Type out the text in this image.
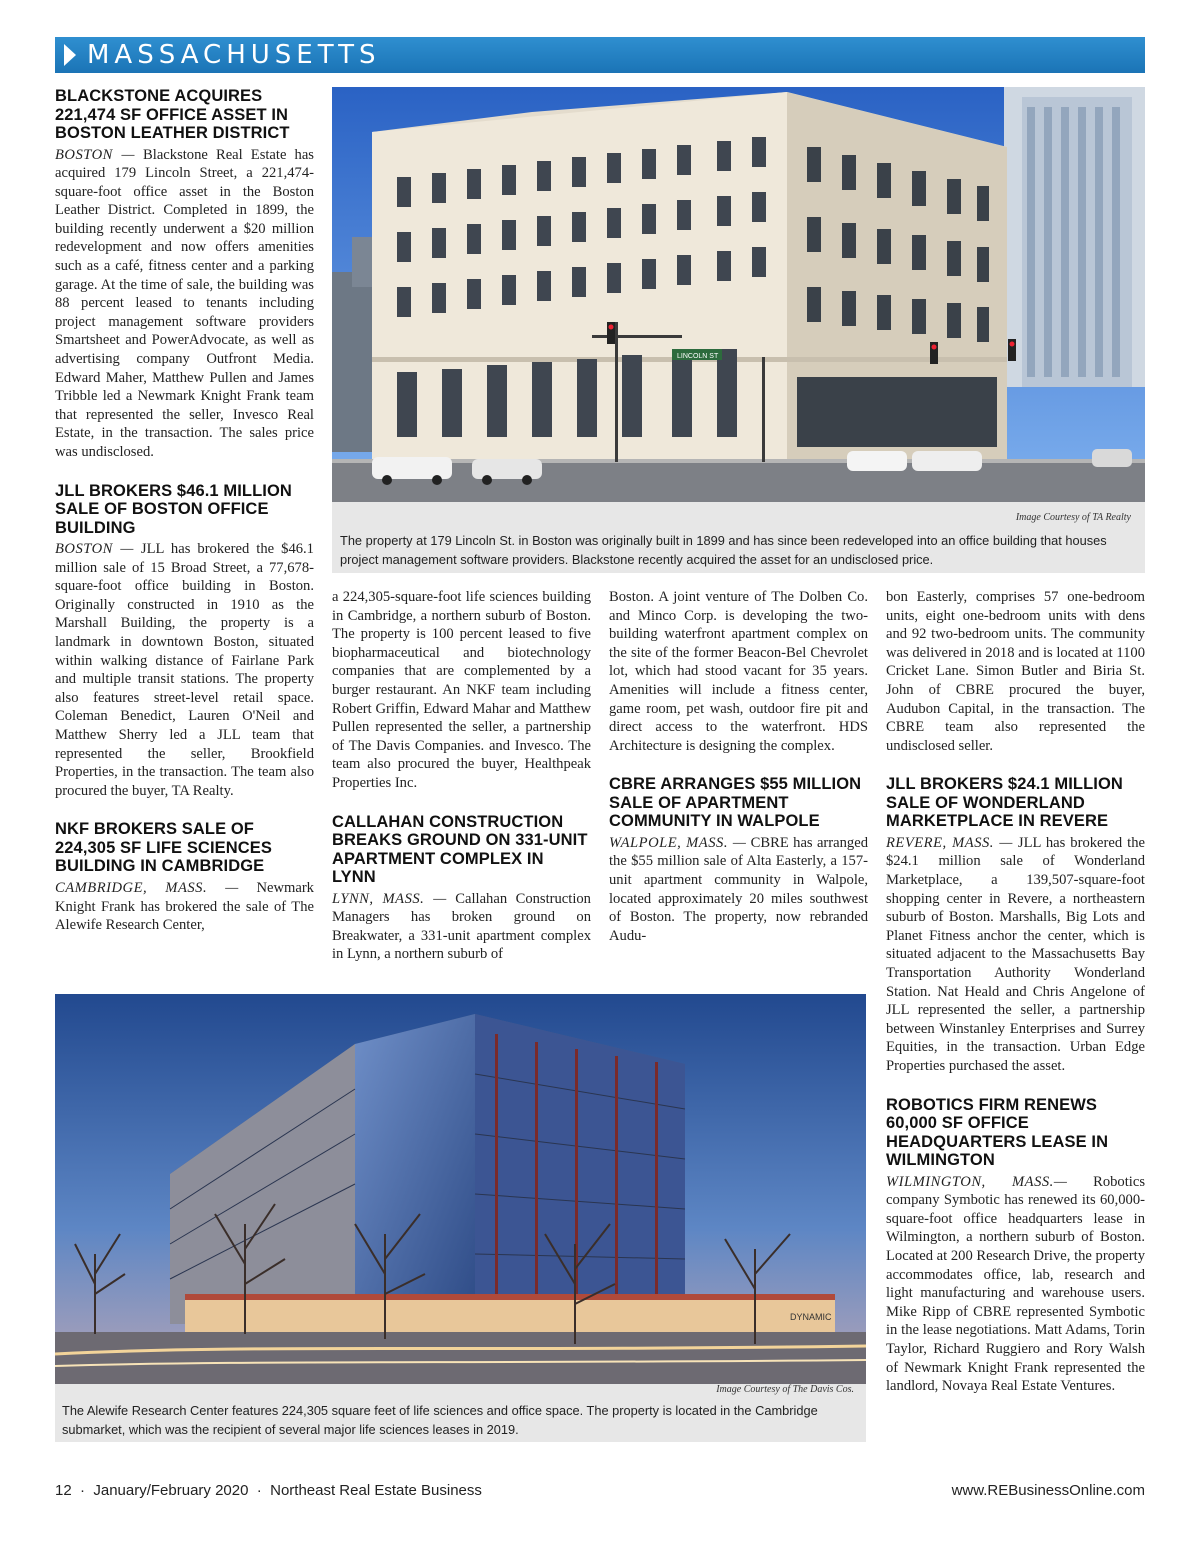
MASSACHUSETTS
BLACKSTONE ACQUIRES 221,474 SF OFFICE ASSET IN BOSTON LEATHER DISTRICT

BOSTON — Blackstone Real Estate has acquired 179 Lincoln Street, a 221,474-square-foot office asset in the Boston Leather District. Completed in 1899, the building recently underwent a $20 million redevelopment and now offers amenities such as a café, fitness center and a parking garage. At the time of sale, the building was 88 percent leased to tenants including project management software providers Smartsheet and PowerAdvocate, as well as advertising company Outfront Media. Edward Maher, Matthew Pullen and James Tribble led a Newmark Knight Frank team that represented the seller, Invesco Real Estate, in the transaction. The sales price was undisclosed.

JLL BROKERS $46.1 MILLION SALE OF BOSTON OFFICE BUILDING

BOSTON — JLL has brokered the $46.1 million sale of 15 Broad Street, a 77,678-square-foot office building in Boston. Originally constructed in 1910 as the Marshall Building, the property is a landmark in downtown Boston, situated within walking distance of Fairlane Park and multiple transit stations. The property also features street-level retail space. Coleman Benedict, Lauren O'Neil and Matthew Sherry led a JLL team that represented the seller, Brookfield Properties, in the transaction. The team also procured the buyer, TA Realty.

NKF BROKERS SALE OF 224,305 SF LIFE SCIENCES BUILDING IN CAMBRIDGE

CAMBRIDGE, MASS. — Newmark Knight Frank has brokered the sale of The Alewife Research Center,

LINCOLN ST
Image Courtesy of TA Realty
The property at 179 Lincoln St. in Boston was originally built in 1899 and has since been redeveloped into an office building that houses project management software providers. Blackstone recently acquired the asset for an undisclosed price.

a 224,305-square-foot life sciences building in Cambridge, a northern suburb of Boston. The property is 100 percent leased to five biopharmaceutical and biotechnology companies that are complemented by a burger restaurant. An NKF team including Robert Griffin, Edward Mahar and Matthew Pullen represented the seller, a partnership of The Davis Companies. and Invesco. The team also procured the buyer, Healthpeak Properties Inc.

CALLAHAN CONSTRUCTION BREAKS GROUND ON 331-UNIT APARTMENT COMPLEX IN LYNN

LYNN, MASS. — Callahan Construction Managers has broken ground on Breakwater, a 331-unit apartment complex in Lynn, a northern suburb of

Boston. A joint venture of The Dolben Co. and Minco Corp. is developing the two-building waterfront apartment complex on the site of the former Beacon-Bel Chevrolet lot, which had stood vacant for 35 years. Amenities will include a fitness center, game room, pet wash, outdoor fire pit and direct access to the waterfront. HDS Architecture is designing the complex.

CBRE ARRANGES $55 MILLION SALE OF APARTMENT COMMUNITY IN WALPOLE

WALPOLE, MASS. — CBRE has arranged the $55 million sale of Alta Easterly, a 157-unit apartment community in Walpole, located approximately 20 miles southwest of Boston. The property, now rebranded Audu-

bon Easterly, comprises 57 one-bedroom units, eight one-bedroom units with dens and 92 two-bedroom units. The community was delivered in 2018 and is located at 1100 Cricket Lane. Simon Butler and Biria St. John of CBRE procured the buyer, Audubon Capital, in the transaction. The CBRE team also represented the undisclosed seller.

JLL BROKERS $24.1 MILLION SALE OF WONDERLAND MARKETPLACE IN REVERE

REVERE, MASS. — JLL has brokered the $24.1 million sale of Wonderland Marketplace, a 139,507-square-foot shopping center in Revere, a northeastern suburb of Boston. Marshalls, Big Lots and Planet Fitness anchor the center, which is situated adjacent to the Massachusetts Bay Transportation Authority Wonderland Station. Nat Heald and Chris Angelone of JLL represented the seller, a partnership between Winstanley Enterprises and Surrey Equities, in the transaction. Urban Edge Properties purchased the asset.

ROBOTICS FIRM RENEWS 60,000 SF OFFICE HEADQUARTERS LEASE IN WILMINGTON

WILMINGTON, MASS.— Robotics company Symbotic has renewed its 60,000-square-foot office headquarters lease in Wilmington, a northern suburb of Boston. Located at 200 Research Drive, the property accommodates office, lab, research and light manufacturing and warehouse users. Mike Ripp of CBRE represented Symbotic in the lease negotiations. Matt Adams, Torin Taylor, Richard Ruggiero and Rory Walsh of Newmark Knight Frank represented the landlord, Novaya Real Estate Ventures.

DYNAMIC
Image Courtesy of The Davis Cos.
The Alewife Research Center features 224,305 square feet of life sciences and office space. The property is located in the Cambridge submarket, which was the recipient of several major life sciences leases in 2019.
12  ·  January/February 2020  ·  Northeast Real Estate Business	www.REBusinessOnline.com
